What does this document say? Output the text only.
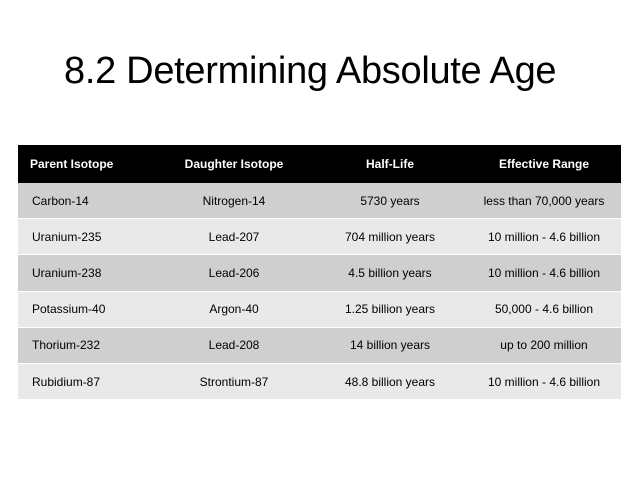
8.2 Determining Absolute Age
Parent Isotope	Daughter Isotope	Half-Life	Effective Range
Carbon-14	Nitrogen-14	5730 years	less than 70,000 years
Uranium-235	Lead-207	704 million years	10 million - 4.6 billion
Uranium-238	Lead-206	4.5 billion years	10 million - 4.6 billion
Potassium-40	Argon-40	1.25 billion years	50,000 - 4.6 billion
Thorium-232	Lead-208	14 billion years	up to 200 million
Rubidium-87	Strontium-87	48.8 billion years	10 million - 4.6 billion
